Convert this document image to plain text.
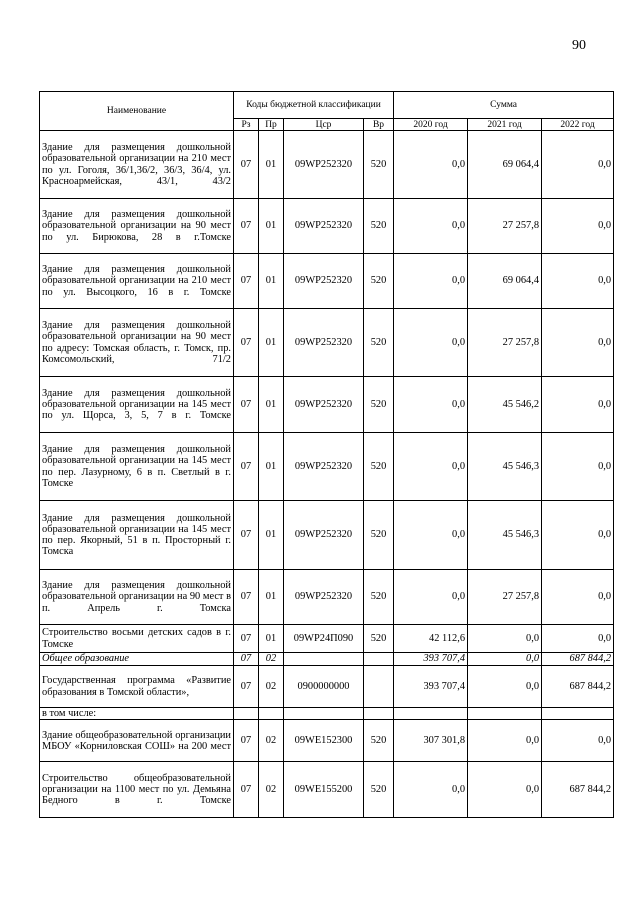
90
Наименование	Коды бюджетной классификации				Сумма		
	Рз	Пр	Цср	Вр	2020 год	2021 год	2022 год
Здание для размещения дошкольной образовательной организации на 210 мест по ул. Гоголя, 36/1,36/2, 36/3, 36/4, ул. Красноармейская, 43/1, 43/2	07	01	09WP252320	520	0,0	69 064,4	0,0
Здание для размещения дошкольной образовательной организации на 90 мест по ул. Бирюкова, 28 в г.Томске	07	01	09WP252320	520	0,0	27 257,8	0,0
Здание для размещения дошкольной образовательной организации на 210 мест по ул. Высоцкого, 16 в г. Томске	07	01	09WP252320	520	0,0	69 064,4	0,0
Здание для размещения дошкольной образовательной организации на 90 мест по адресу: Томская область, г. Томск, пр. Комсомольский, 71/2	07	01	09WP252320	520	0,0	27 257,8	0,0
Здание для размещения дошкольной образовательной организации на 145 мест по ул. Щорса, 3, 5, 7 в г. Томске	07	01	09WP252320	520	0,0	45 546,2	0,0
Здание для размещения дошкольной образовательной организации на 145 мест по пер. Лазурному, 6 в п. Светлый в г. Томске	07	01	09WP252320	520	0,0	45 546,3	0,0
Здание для размещения дошкольной образовательной организации на 145 мест по пер. Якорный, 51 в п. Просторный г. Томска	07	01	09WP252320	520	0,0	45 546,3	0,0
Здание для размещения дошкольной образовательной организации на 90 мест в п. Апрель г. Томска	07	01	09WP252320	520	0,0	27 257,8	0,0
Строительство восьми детских садов в г. Томске	07	01	09WP24П090	520	42 112,6	0,0	0,0
Общее образование	07	02			393 707,4	0,0	687 844,2
Государственная программа «Развитие образования в Томской области»,	07	02	0900000000		393 707,4	0,0	687 844,2
в том числе:							
Здание общеобразовательной организации МБОУ «Корниловская СОШ» на 200 мест	07	02	09WE152300	520	307 301,8	0,0	0,0
Строительство общеобразовательной организации на 1100 мест по ул. Демьяна Бедного в г. Томске	07	02	09WE155200	520	0,0	0,0	687 844,2
